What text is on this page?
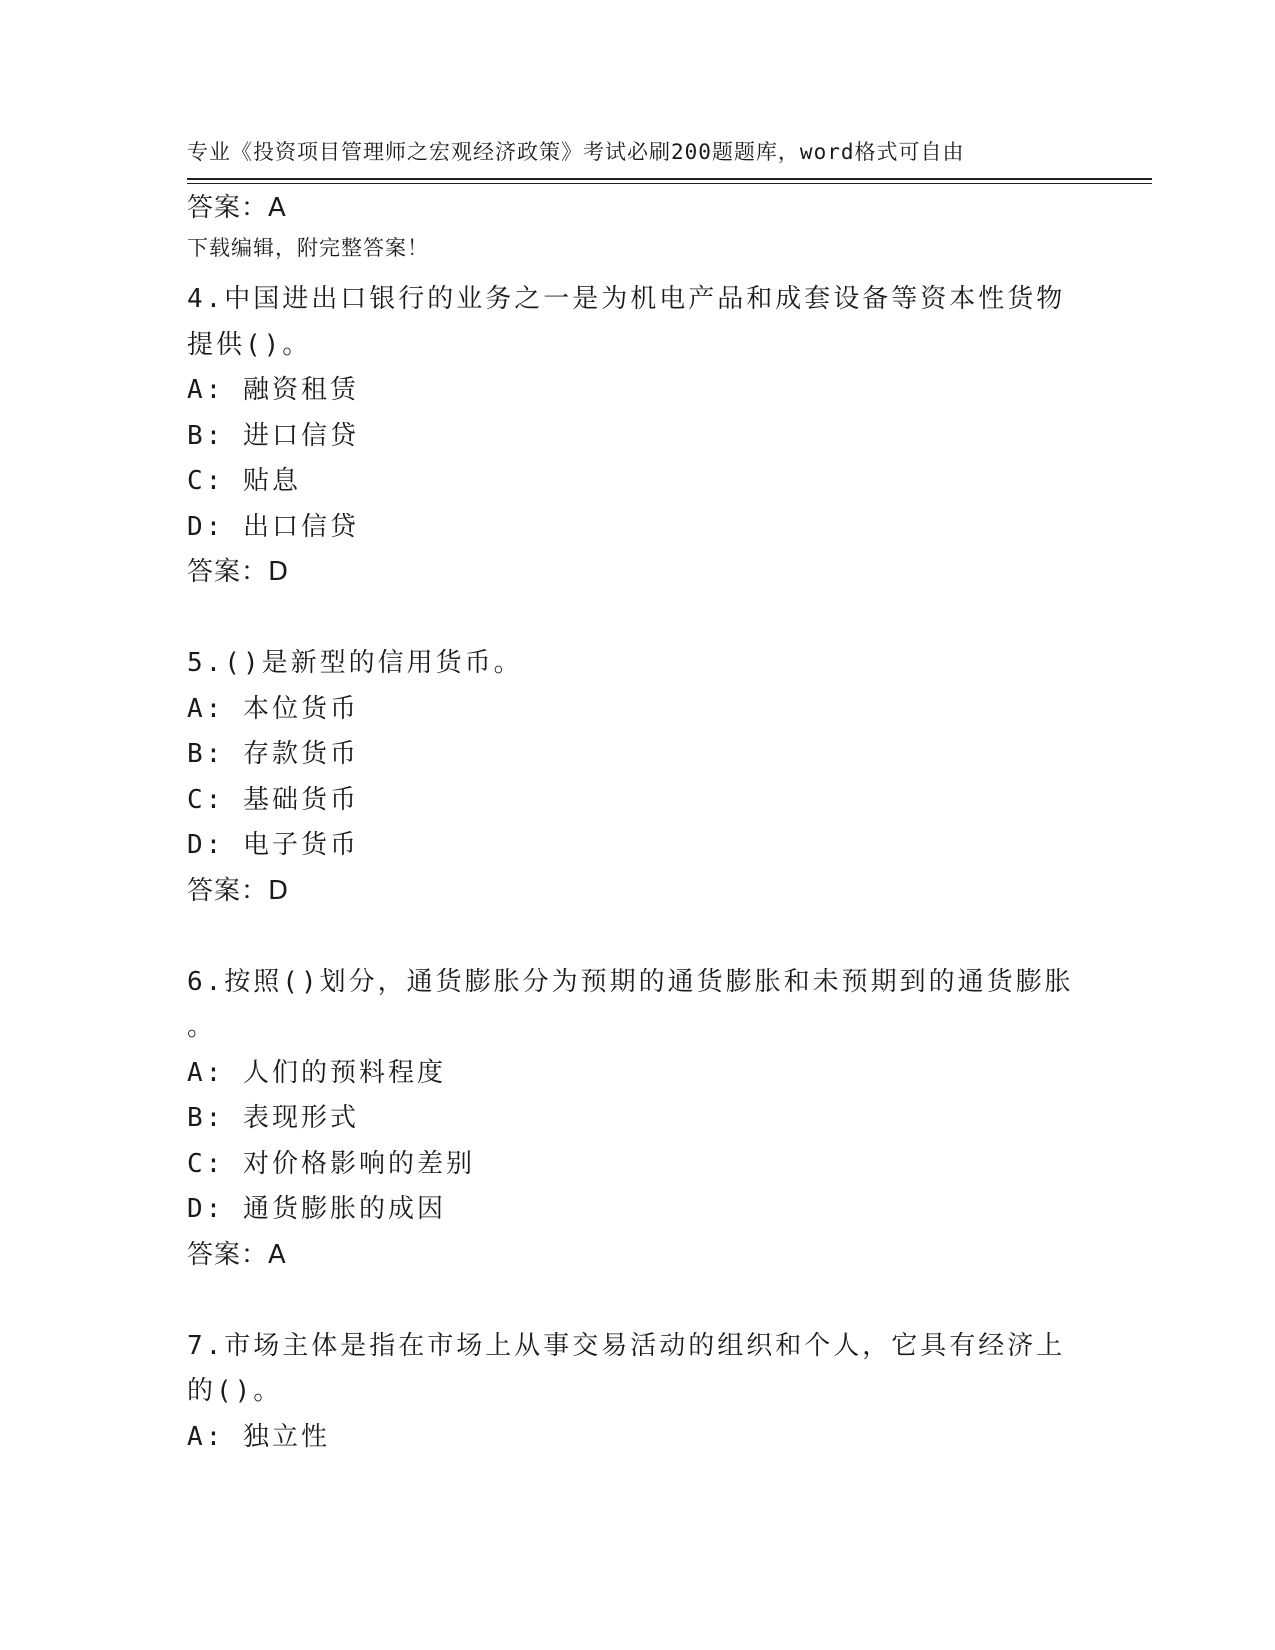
专业《投资项目管理师之宏观经济政策》考试必刷200题题库，word格式可自由

下载编辑，附完整答案！

答案：A
4.中国进出口银行的业务之一是为机电产品和成套设备等资本性货物
提供()。
A: 融资租赁
B: 进口信贷
C: 贴息
D: 出口信贷
答案：D
5.()是新型的信用货币。
A: 本位货币
B: 存款货币
C: 基础货币
D: 电子货币
答案：D
6.按照()划分，通货膨胀分为预期的通货膨胀和未预期到的通货膨胀
。
A: 人们的预料程度
B: 表现形式
C: 对价格影响的差别
D: 通货膨胀的成因
答案：A
7.市场主体是指在市场上从事交易活动的组织和个人，它具有经济上
的()。
A: 独立性
